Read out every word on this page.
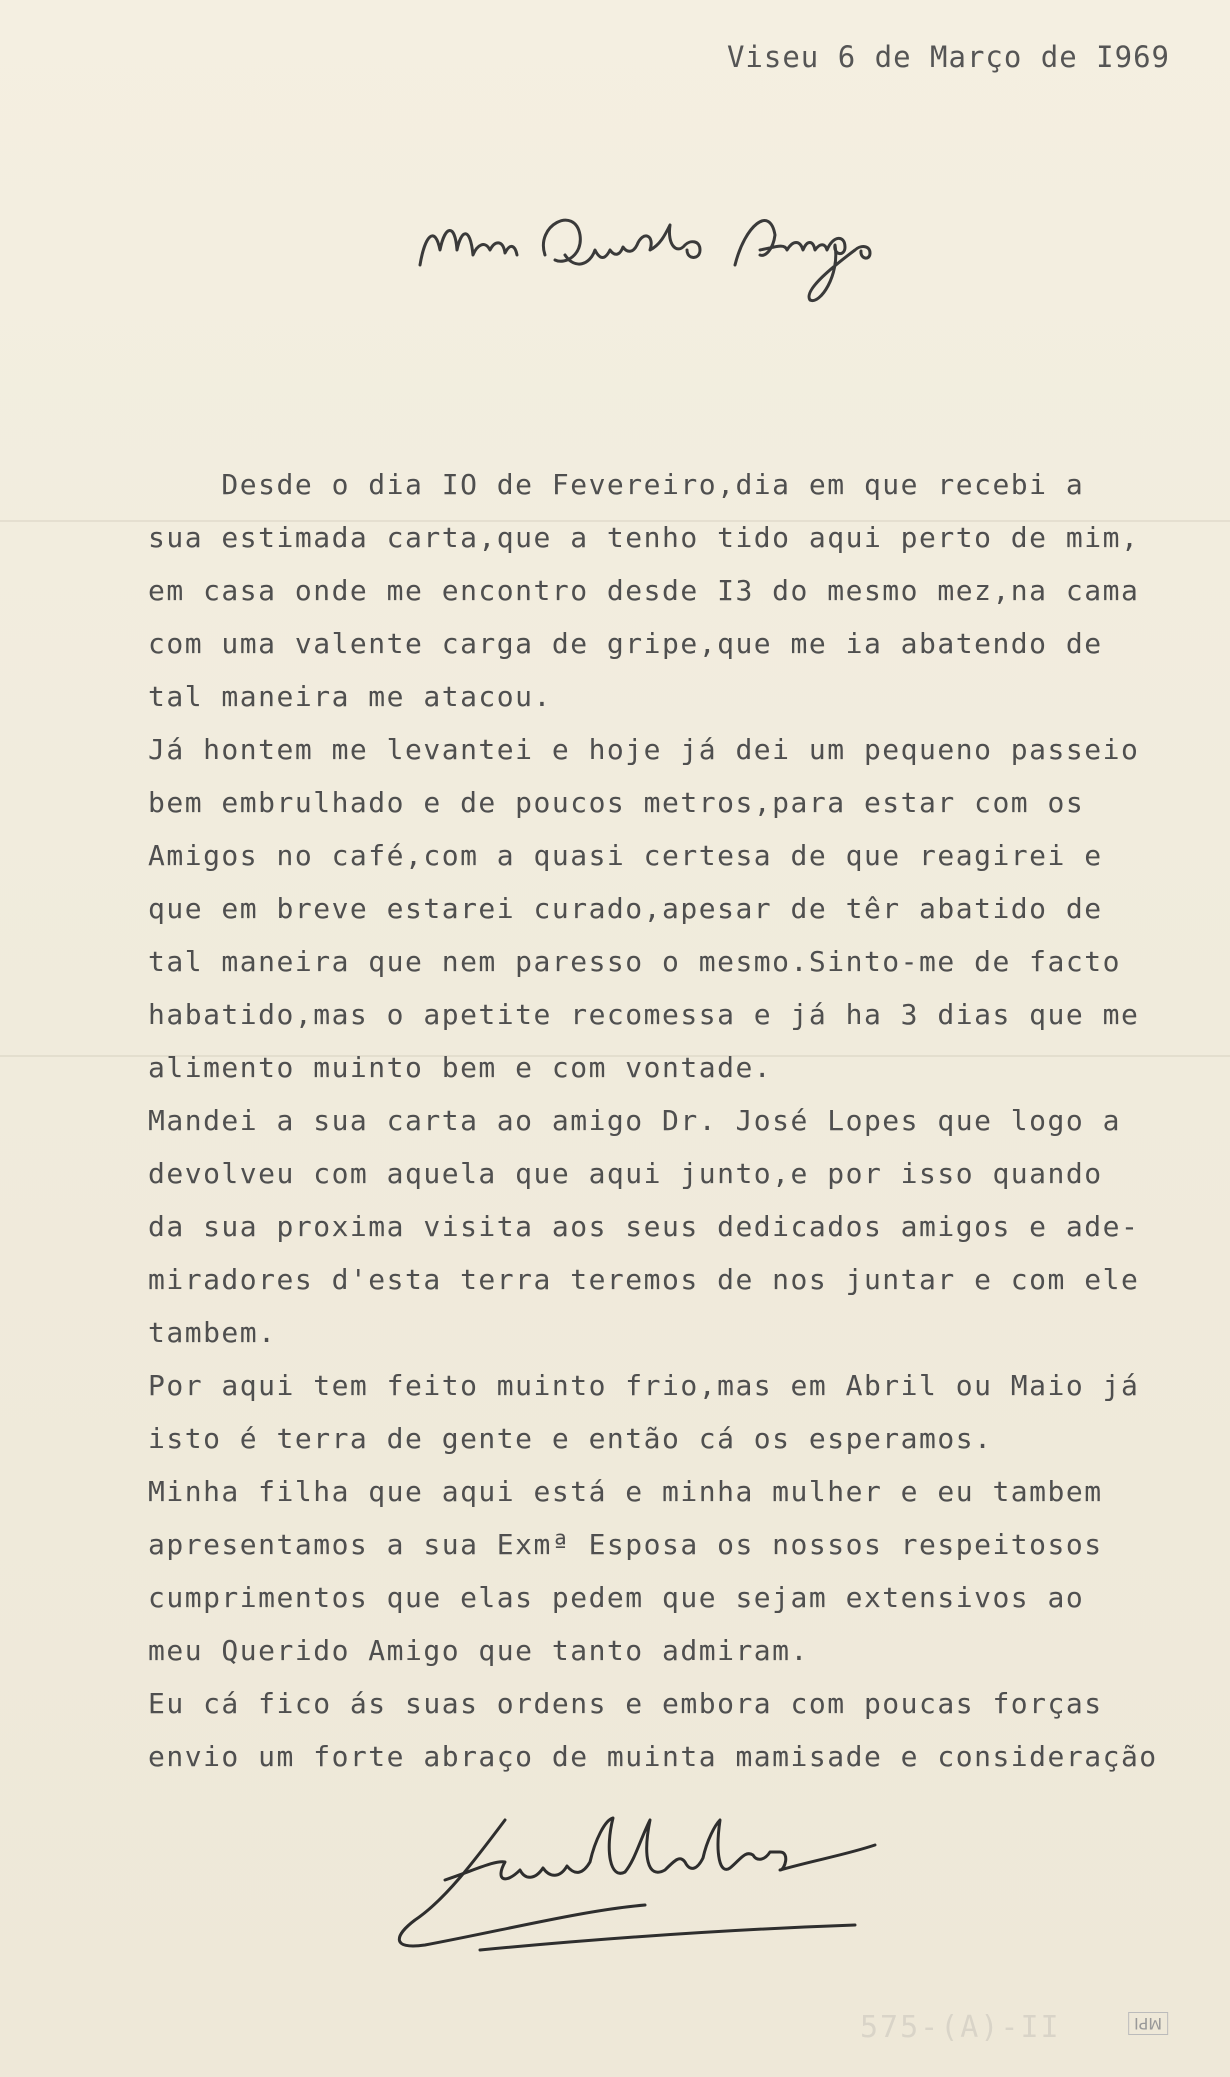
Viseu 6 de Março de I969
Desde o dia IO de Fevereiro,dia em que recebi a
sua estimada carta,que a tenho tido aqui perto de mim,
em casa onde me encontro desde I3 do mesmo mez,na cama
com uma valente carga de gripe,que me ia abatendo de
tal maneira me atacou.
Já hontem me levantei e hoje já dei um pequeno passeio
bem embrulhado e de poucos metros,para estar com os
Amigos no café,com a quasi certesa de que reagirei e
que em breve estarei curado,apesar de têr abatido de
tal maneira que nem paresso o mesmo.Sinto-me de facto
habatido,mas o apetite recomessa e já ha 3 dias que me
alimento muinto bem e com vontade.
Mandei a sua carta ao amigo Dr. José Lopes que logo a
devolveu com aquela que aqui junto,e por isso quando
da sua proxima visita aos seus dedicados amigos e ade-
miradores d'esta terra teremos de nos juntar e com ele
tambem.
Por aqui tem feito muinto frio,mas em Abril ou Maio já
isto é terra de gente e então cá os esperamos.
Minha filha que aqui está e minha mulher e eu tambem
apresentamos a sua Exmª Esposa os nossos respeitosos
cumprimentos que elas pedem que sejam extensivos ao
meu Querido Amigo que tanto admiram.
Eu cá fico ás suas ordens e embora com poucas forças
envio um forte abraço de muinta mamisade e consideração
575-(A)-II	MPI
